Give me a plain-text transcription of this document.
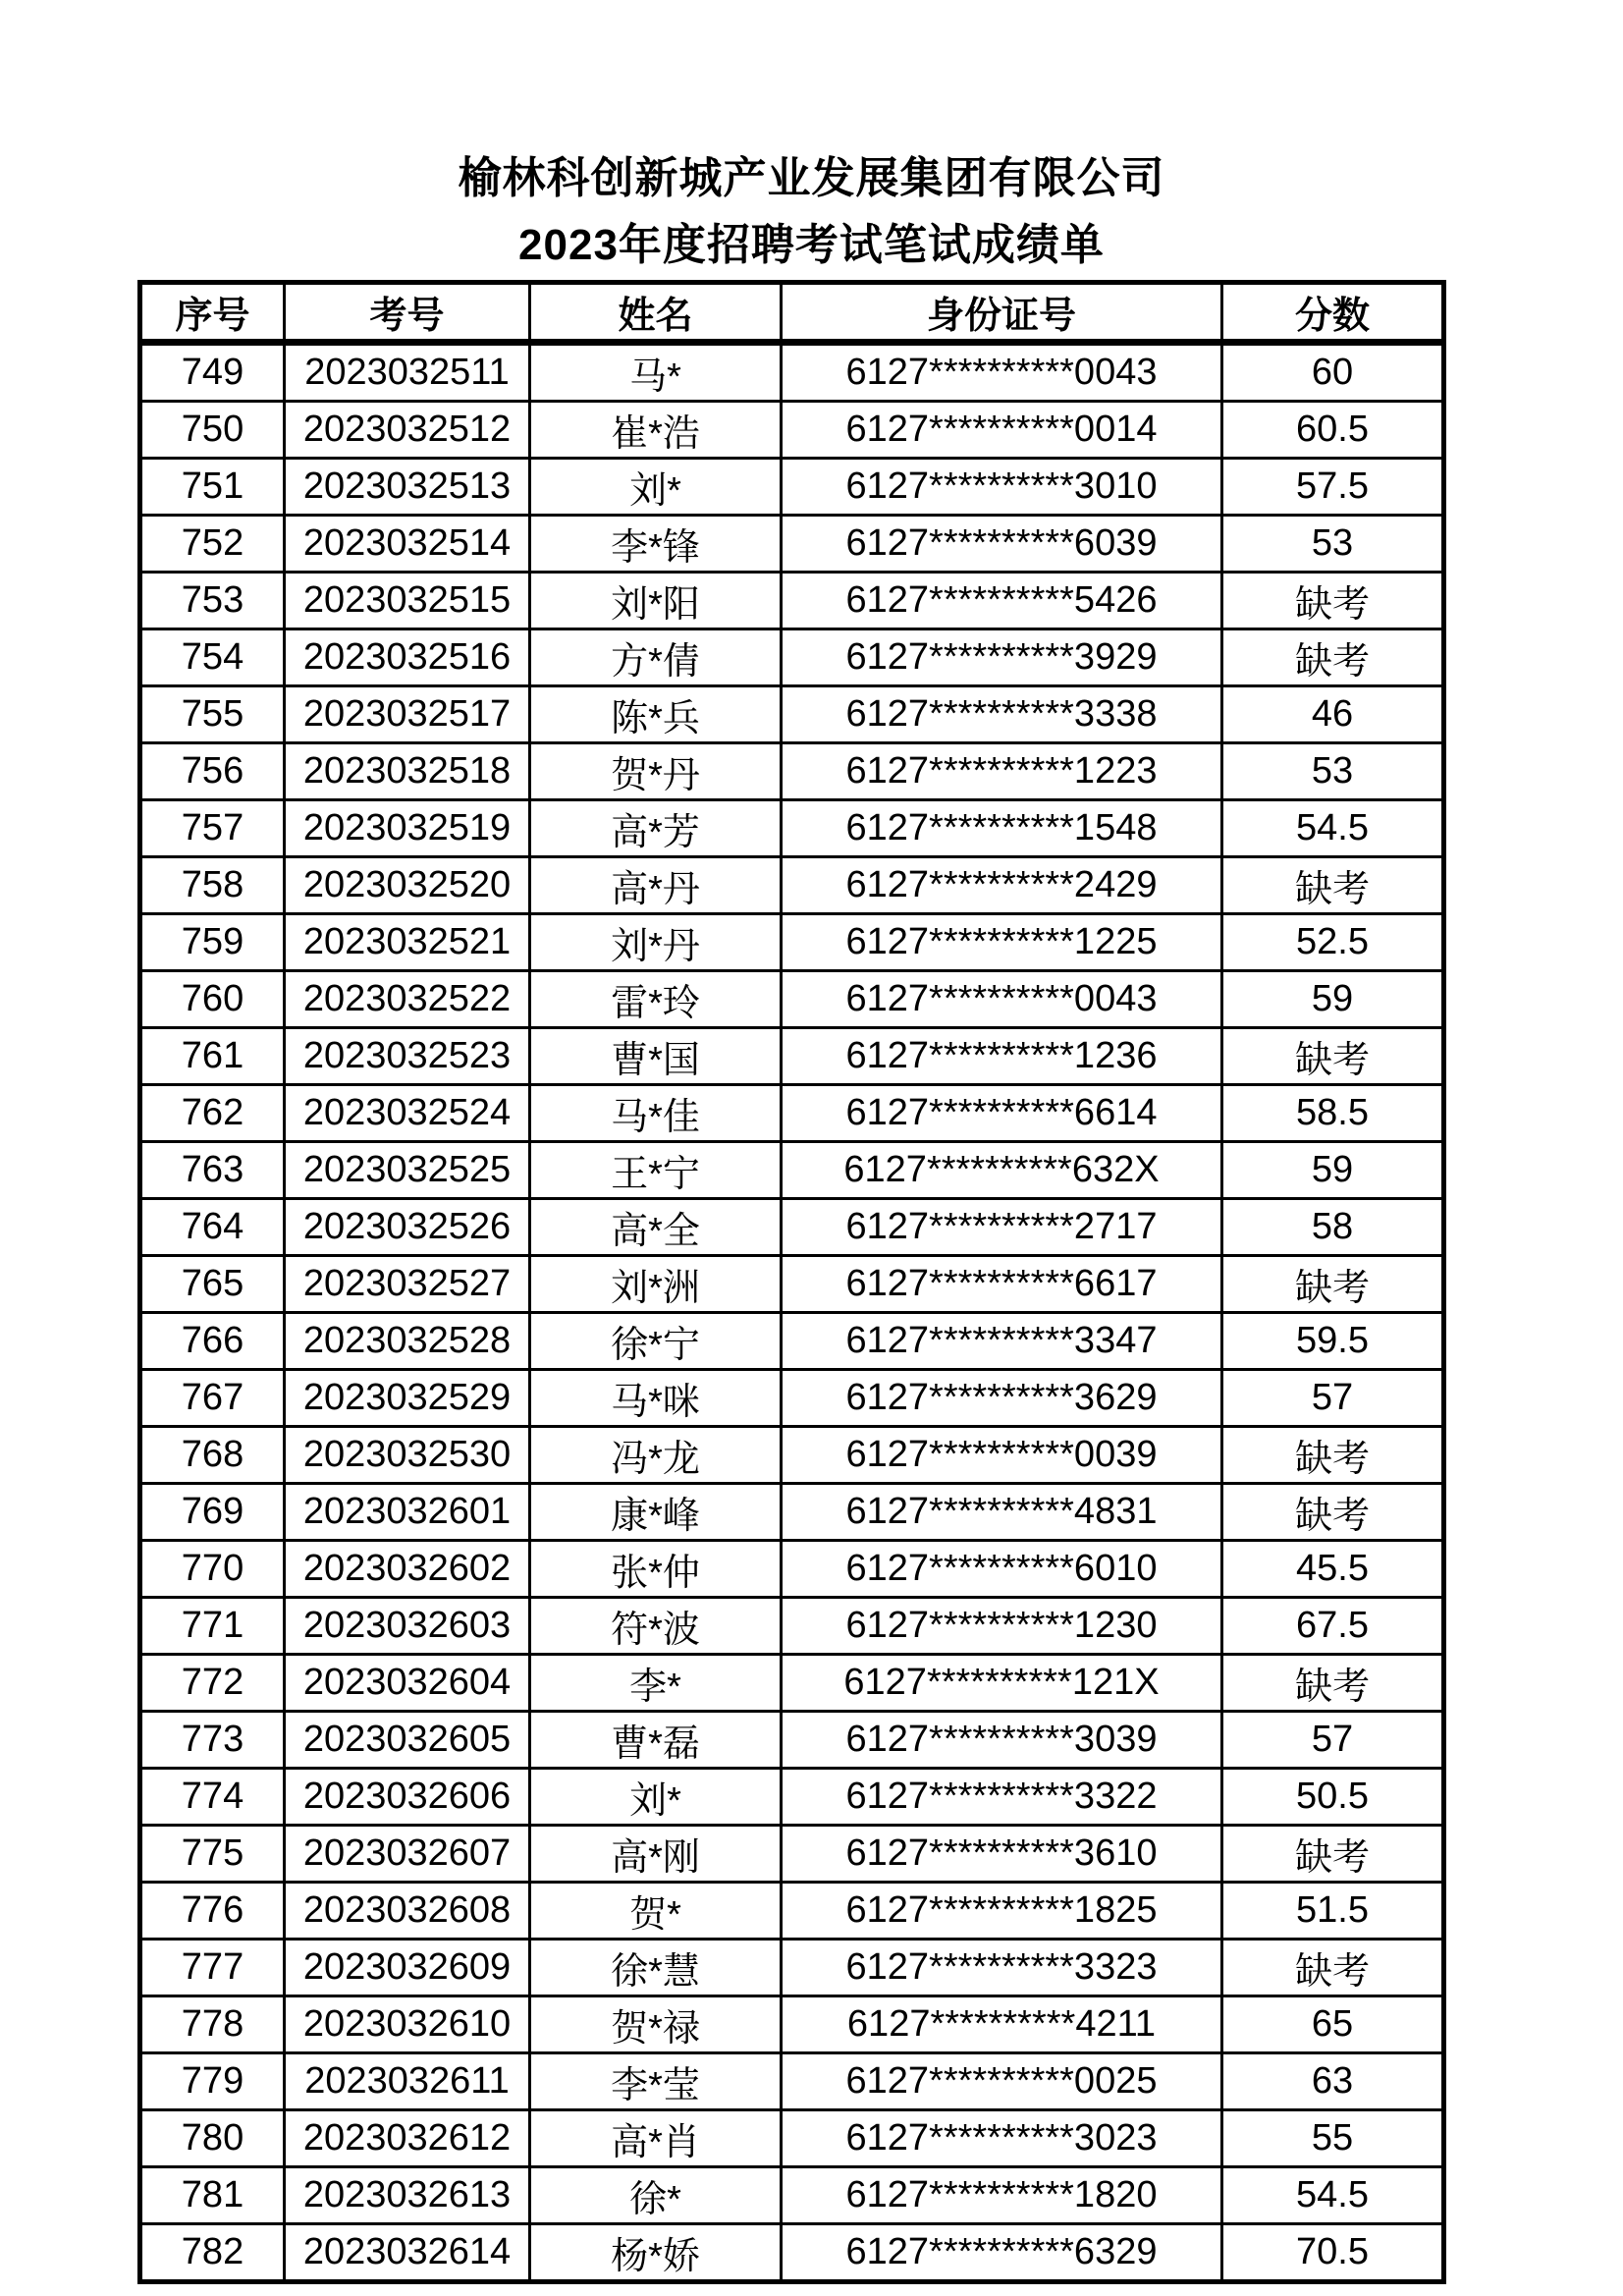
榆林科创新城产业发展集团有限公司
2023年度招聘考试笔试成绩单
序号	考号	姓名	身份证号	分数
749	2023032511	马*	6127**********0043	60
750	2023032512	崔*浩	6127**********0014	60.5
751	2023032513	刘*	6127**********3010	57.5
752	2023032514	李*锋	6127**********6039	53
753	2023032515	刘*阳	6127**********5426	缺考
754	2023032516	方*倩	6127**********3929	缺考
755	2023032517	陈*兵	6127**********3338	46
756	2023032518	贺*丹	6127**********1223	53
757	2023032519	高*芳	6127**********1548	54.5
758	2023032520	高*丹	6127**********2429	缺考
759	2023032521	刘*丹	6127**********1225	52.5
760	2023032522	雷*玲	6127**********0043	59
761	2023032523	曹*国	6127**********1236	缺考
762	2023032524	马*佳	6127**********6614	58.5
763	2023032525	王*宁	6127**********632X	59
764	2023032526	高*全	6127**********2717	58
765	2023032527	刘*洲	6127**********6617	缺考
766	2023032528	徐*宁	6127**********3347	59.5
767	2023032529	马*咪	6127**********3629	57
768	2023032530	冯*龙	6127**********0039	缺考
769	2023032601	康*峰	6127**********4831	缺考
770	2023032602	张*仲	6127**********6010	45.5
771	2023032603	符*波	6127**********1230	67.5
772	2023032604	李*	6127**********121X	缺考
773	2023032605	曹*磊	6127**********3039	57
774	2023032606	刘*	6127**********3322	50.5
775	2023032607	高*刚	6127**********3610	缺考
776	2023032608	贺*	6127**********1825	51.5
777	2023032609	徐*慧	6127**********3323	缺考
778	2023032610	贺*禄	6127**********4211	65
779	2023032611	李*莹	6127**********0025	63
780	2023032612	高*肖	6127**********3023	55
781	2023032613	徐*	6127**********1820	54.5
782	2023032614	杨*娇	6127**********6329	70.5
